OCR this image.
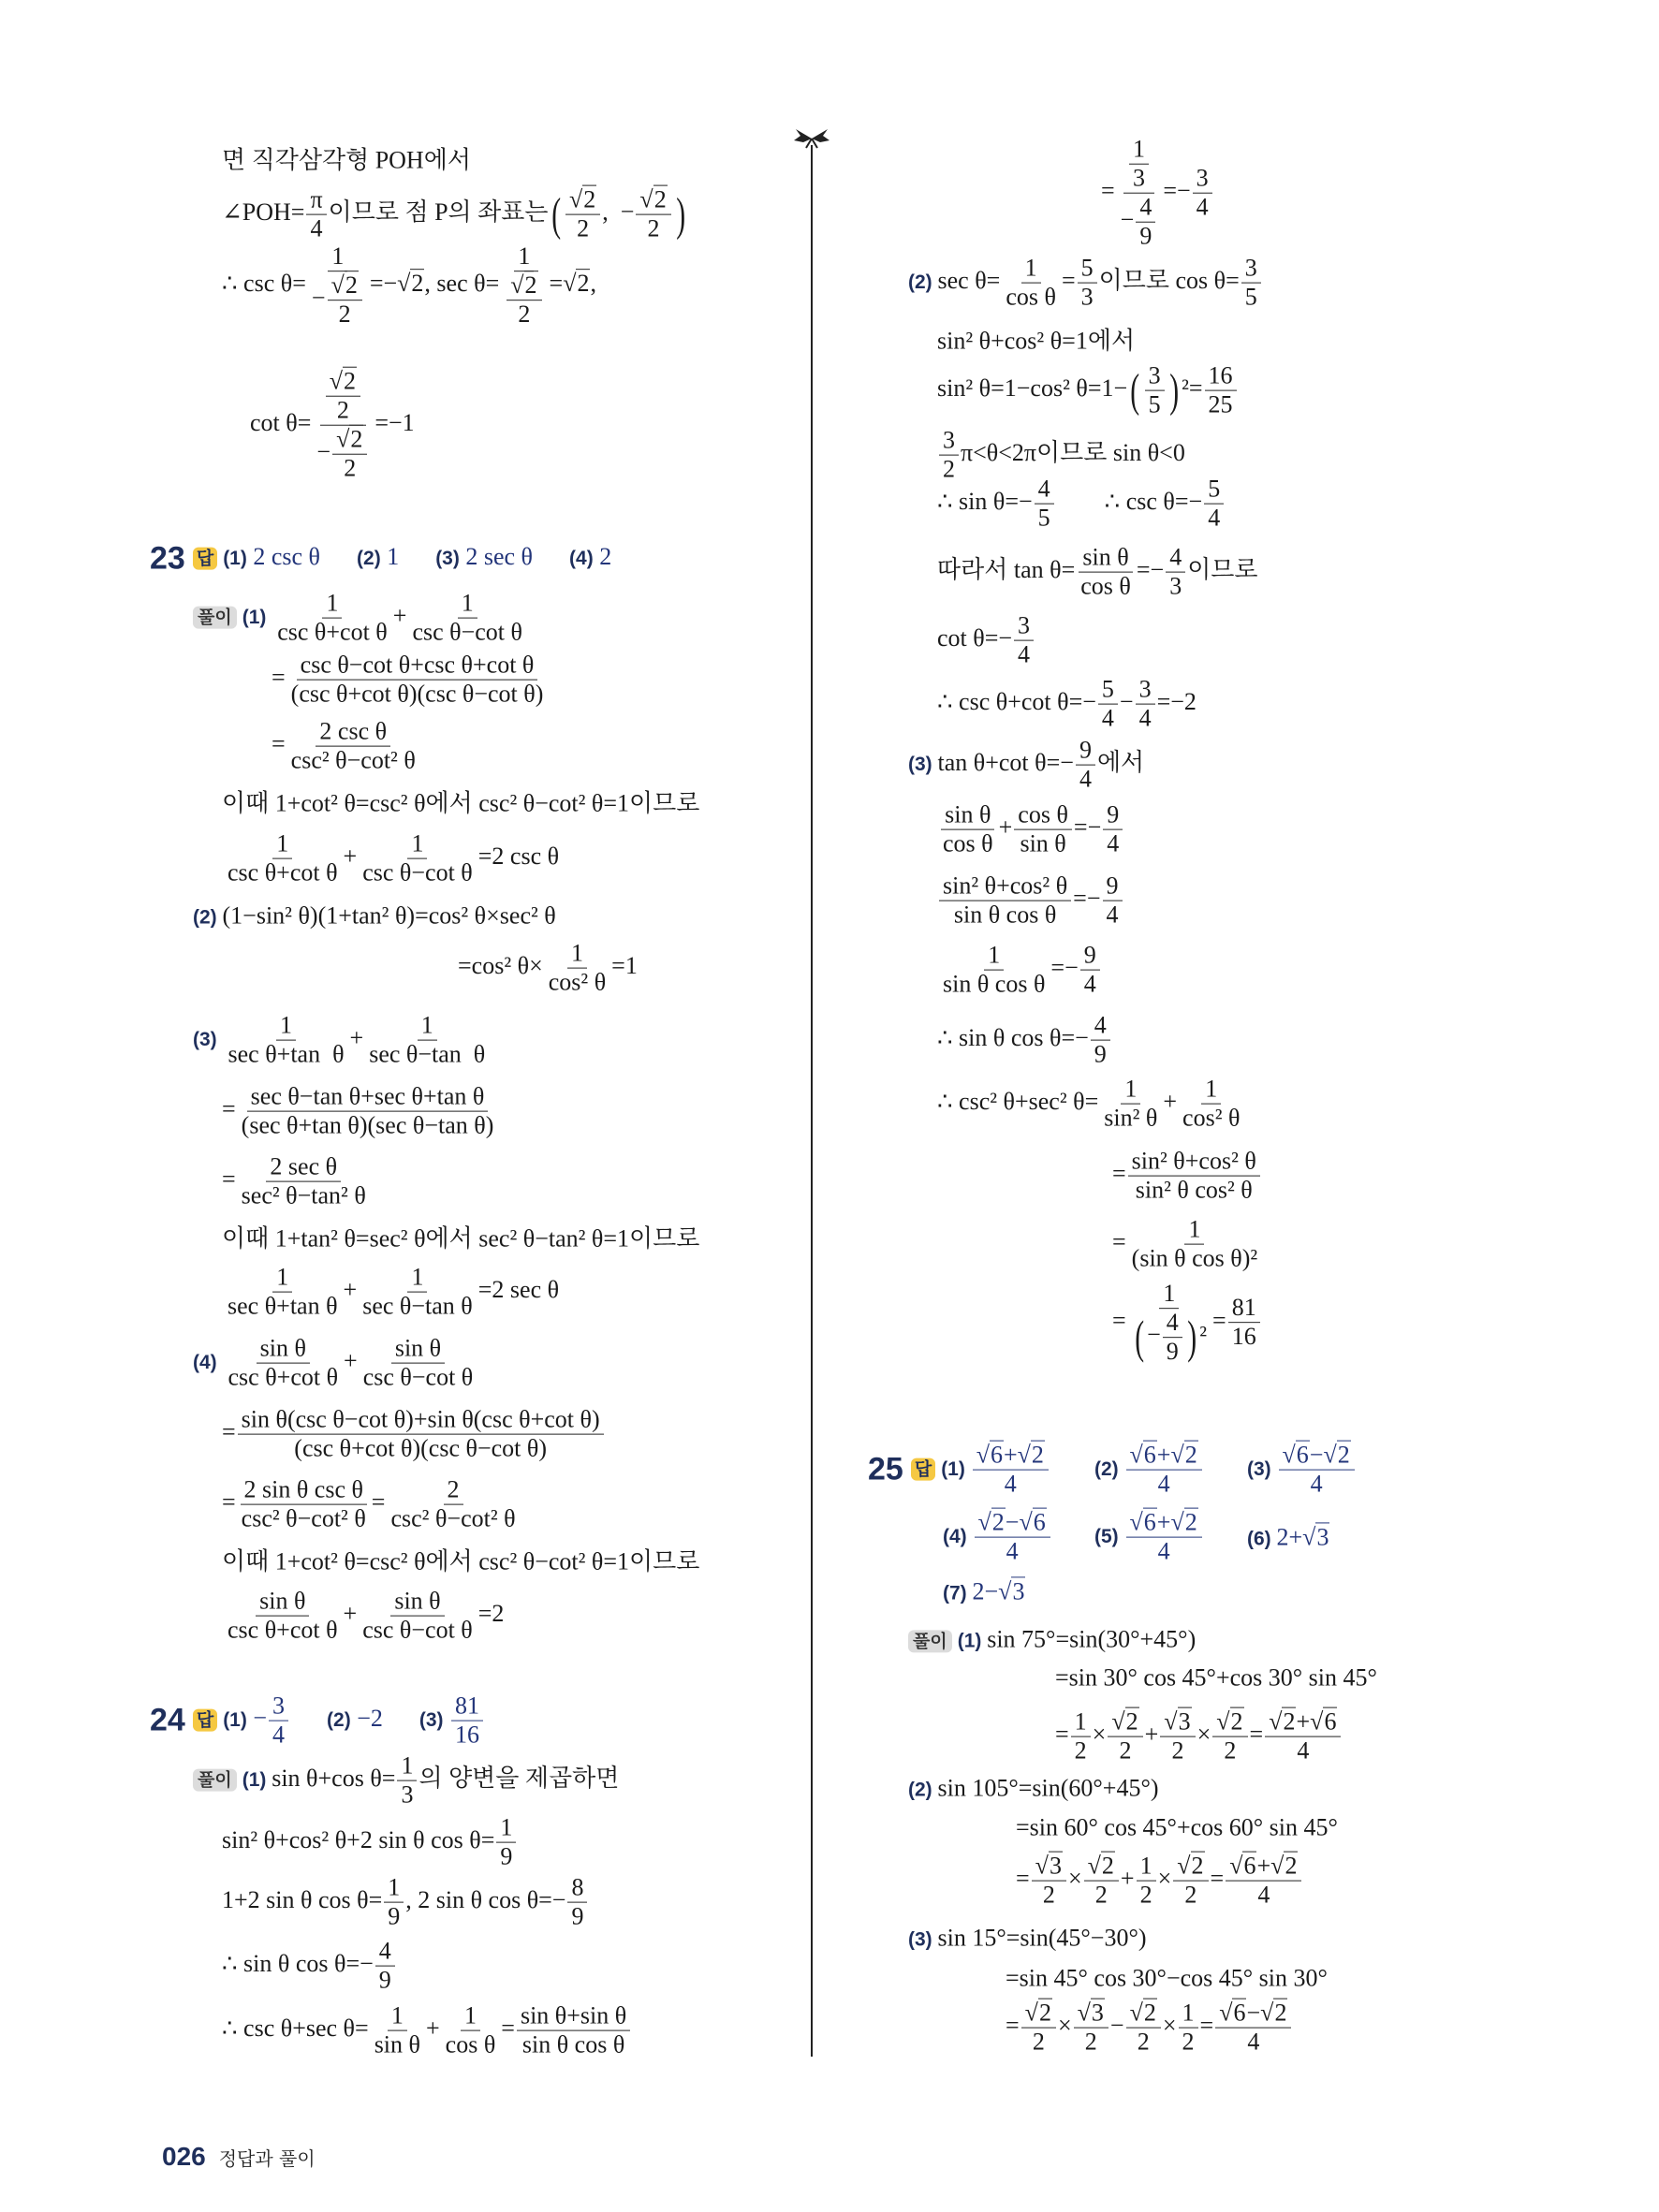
면 직각삼각형 POH에서
∠POH= $\frac{\pi}{4}$ 이므로 점 P의 좌표는( $\frac{√2}{2}$ ,  − $\frac{√2}{2}$ )
∴ $\csc \theta= \frac{1}{- \frac{√2}{2}} =-√2$, $\sec \theta= \frac{1}{\frac{√2}{2}} =√2$,
$\cot \theta= \frac{\frac{√2}{2}}{- \frac{√2}{2}} =-1$
23 답 (1) 2 csc θ (2) 1 (3) 2 sec θ (4) 2
풀이 $(1) \frac{1}{\text{csc θ+cot θ}} + \frac{1}{\text{csc θ−cot θ}}$
= $\frac{\text{csc θ−cot θ+csc θ+cot θ}}{\text{(csc θ+cot θ)(csc θ−cot θ)}}$
= $\frac{\text{2 csc θ}}{\text{csc² θ−cot² θ}}$
이때 1+cot² θ=csc² θ에서 csc² θ−cot² θ=1이므로
$\frac{1}{\text{csc θ+cot θ}} + \frac{1}{\text{csc θ−cot θ}} =2$ csc θ
(2) (1−sin² θ)(1+tan² θ)=cos² θ×sec² θ
=cos² $\theta\times \frac{1}{\text{cos² θ}} =1$
$(3) \frac{1}{\text{sec θ+tan  θ}} + \frac{1}{\text{sec θ−tan  θ}}$
= $\frac{\text{sec θ−tan θ+sec θ+tan θ}}{\text{(sec θ+tan θ)(sec θ−tan θ)}}$
= $\frac{\text{2 sec θ}}{\text{sec² θ−tan² θ}}$
이때 1+tan² θ=sec² θ에서 sec² θ−tan² θ=1이므로
$\frac{1}{\text{sec θ+tan θ}} + \frac{1}{\text{sec θ−tan θ}} =2$ sec θ
$(4) \frac{\text{sin θ}}{\text{csc θ+cot θ}} + \frac{\text{sin θ}}{\text{csc θ−cot θ}}$
= $\frac{\text{sin θ(csc θ−cot θ)+sin θ(csc θ+cot θ)}}{\text{(csc θ+cot θ)(csc θ−cot θ)}}$
= $\frac{\text{2 sin θ csc θ}}{\text{csc² θ−cot² θ}} = \frac{2}{\text{csc² θ−cot² θ}}$
이때 1+cot² θ=csc² θ에서 csc² θ−cot² θ=1이므로
$\frac{\text{sin θ}}{\text{csc θ+cot θ}} + \frac{\text{sin θ}}{\text{csc θ−cot θ}} =2$
24 답 $(1) - \frac{3}{4} (2) -2$ $(3) \frac{81}{16}$
풀이 (1) sin θ+cos $\theta= \frac{1}{3}$ 의 양변을 제곱하면
sin² θ+cos² θ+2 sin θ $\cos \theta= \frac{1}{9}$
1+2 sin θ $\cos \theta= \frac{1}{9}$ , 2 sin θ $\cos \theta=- \frac{8}{9}$
∴ sin θ $\cos \theta=- \frac{4}{9}$
∴ csc θ+sec $\theta= \frac{1}{\text{sin θ}} + \frac{1}{\text{cos θ}} = \frac{\text{sin θ+sin θ}}{\text{sin θ cos θ}}$
= $\frac{\frac{1}{3}}{- \frac{4}{9}} =- \frac{3}{4}$
(2) $\sec \theta= \frac{1}{\text{cos θ}} = \frac{5}{3}$ 이므로 $\cos \theta= \frac{3}{5}$
sin² θ+cos² θ=1에서
sin² θ=1−cos² $\theta=1-( \frac{3}{5}$ ) $^2= \frac{16}{25}$
$\frac{3}{2} \pi<\theta<2\pi$이므로 sin θ<0
∴ $\sin \theta=- \frac{4}{5}$ ∴ $\csc \theta=- \frac{5}{4}$
따라서 $\tan \theta= \frac{\text{sin θ}}{\text{cos θ}} =- \frac{4}{3}$ 이므로
$\cot \theta=- \frac{3}{4}$
∴ csc θ+cot $\theta=- \frac{5}{4} - \frac{3}{4} =-2$
(3) tan θ+cot $\theta=- \frac{9}{4}$ 에서
$\frac{\text{sin θ}}{\text{cos θ}} + \frac{\text{cos θ}}{\text{sin θ}} =- \frac{9}{4}$
$\frac{\text{sin² θ+cos² θ}}{\text{sin θ cos θ}} =- \frac{9}{4}$
$\frac{1}{\text{sin θ cos θ}} =- \frac{9}{4}$
∴ sin θ $\cos \theta=- \frac{4}{9}$
∴ csc² θ+sec² $\theta= \frac{1}{\text{sin² θ}} + \frac{1}{\text{cos² θ}}$
= $\frac{\text{sin² θ+cos² θ}}{\text{sin² θ cos² θ}}$
= $\frac{1}{\text{(sin θ cos θ)²}}$
= $\frac{1}{( - \frac{4}{9} ) ^2} = \frac{81}{16}$
25 답 $(1) \frac{√6+√2}{4} (2) \frac{√6+√2}{4} (3) \frac{√6-√2}{4}$
$(4) \frac{√2-√6}{4} (5) \frac{√6+√2}{4} (6)$ 2+√3
(7) 2−√3
풀이 (1) sin 75°=sin(30°+45°)
=sin 30° cos 45°+cos 30° sin 45°
= $\frac{1}{2} \times \frac{√2}{2} + \frac{√3}{2} \times \frac{√2}{2} = \frac{√2+√6}{4}$
(2) sin 105°=sin(60°+45°)
=sin 60° cos 45°+cos 60° sin 45°
= $\frac{√3}{2} \times \frac{√2}{2} + \frac{1}{2} \times \frac{√2}{2} = \frac{√6+√2}{4}$
(3) sin 15°=sin(45°−30°)
=sin 45° cos 30°−cos 45° sin 30°
= $\frac{√2}{2} \times \frac{√3}{2} - \frac{√2}{2} \times \frac{1}{2} = \frac{√6-√2}{4}$

026 정답과 풀이
